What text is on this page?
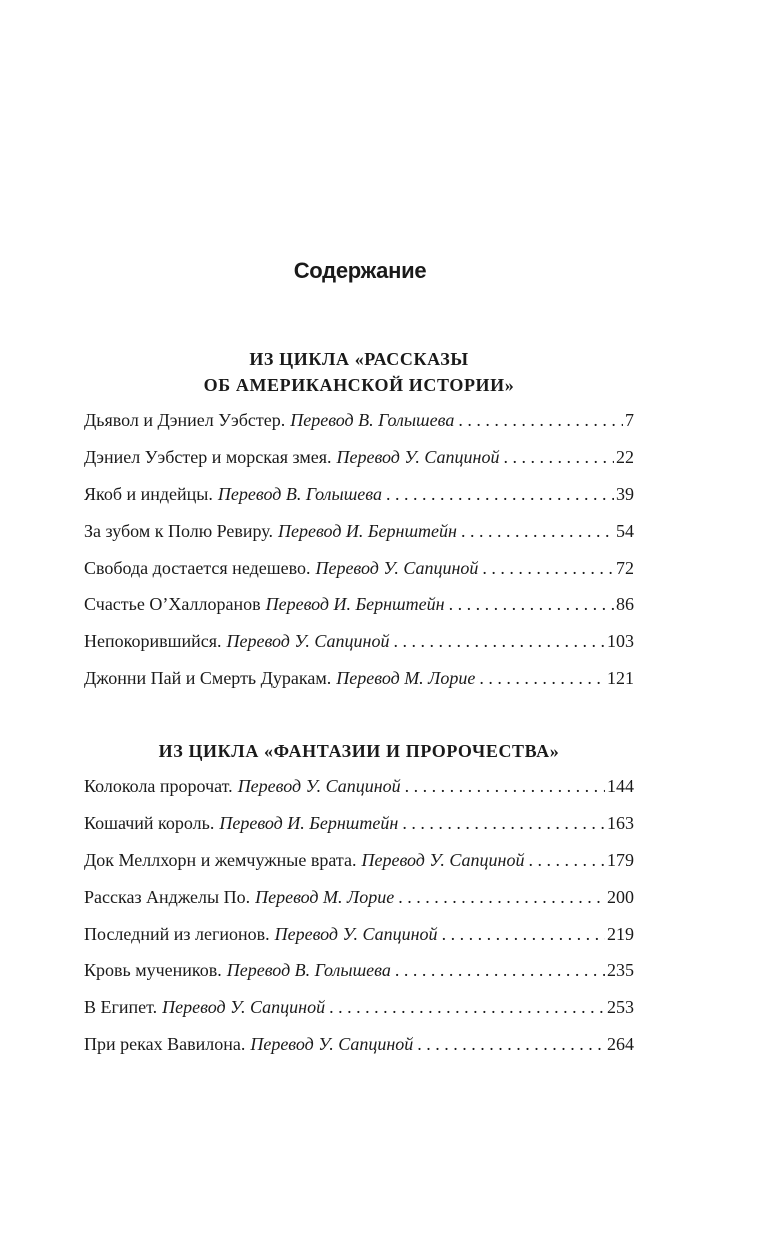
Содержание
ИЗ ЦИКЛА «РАССКАЗЫ
ОБ АМЕРИКАНСКОЙ ИСТОРИИ»
Дьявол и Дэниел Уэбстер. Перевод В. Голышева . . .	7
Дэниел Уэбстер и морская змея. Перевод У. Сапциной . . .	22
Якоб и индейцы. Перевод В. Голышева . . .	39
За зубом к Полю Ревиру. Перевод И. Бернштейн . . .	54
Свобода достается недешево. Перевод У. Сапциной . . .	72
Счастье О’Халлоранов Перевод И. Бернштейн . . .	86
Непокорившийся. Перевод У. Сапциной . . .	103
Джонни Пай и Смерть Дуракам. Перевод М. Лорие . . .	121
ИЗ ЦИКЛА «ФАНТАЗИИ И ПРОРОЧЕСТВА»
Колокола пророчат. Перевод У. Сапциной . . .	144
Кошачий король. Перевод И. Бернштейн . . .	163
Док Меллхорн и жемчужные врата. Перевод У. Сапциной . . .	179
Рассказ Анджелы По. Перевод М. Лорие . . .	200
Последний из легионов. Перевод У. Сапциной . . .	219
Кровь мучеников. Перевод В. Голышева . . .	235
В Египет. Перевод У. Сапциной . . .	253
При реках Вавилона. Перевод У. Сапциной . . .	264
